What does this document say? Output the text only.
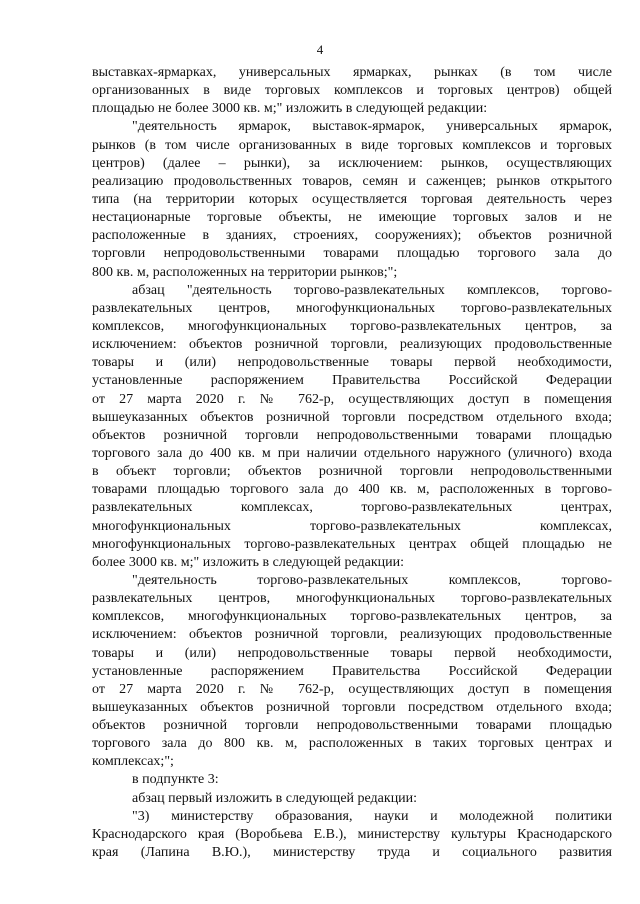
4
выставках-ярмарках, универсальных ярмарках, рынках (в том числе
организованных в виде торговых комплексов и торговых центров) общей
площадью не более 3000 кв. м;" изложить в следующей редакции:
"деятельность ярмарок, выставок-ярмарок, универсальных ярмарок,
рынков (в том числе организованных в виде торговых комплексов и торговых
центров) (далее – рынки), за исключением: рынков, осуществляющих
реализацию продовольственных товаров, семян и саженцев; рынков открытого
типа (на территории которых осуществляется торговая деятельность через
нестационарные торговые объекты, не имеющие торговых залов и не
расположенные в зданиях, строениях, сооружениях); объектов розничной
торговли непродовольственными товарами площадью торгового зала до
800 кв. м, расположенных на территории рынков;";
абзац "деятельность торгово-развлекательных комплексов, торгово-
развлекательных центров, многофункциональных торгово-развлекательных
комплексов, многофункциональных торгово-развлекательных центров, за
исключением: объектов розничной торговли, реализующих продовольственные
товары и (или) непродовольственные товары первой необходимости,
установленные распоряжением Правительства Российской Федерации
от 27 марта 2020 г. № 762-р, осуществляющих доступ в помещения
вышеуказанных объектов розничной торговли посредством отдельного входа;
объектов розничной торговли непродовольственными товарами площадью
торгового зала до 400 кв. м при наличии отдельного наружного (уличного) входа
в объект торговли; объектов розничной торговли непродовольственными
товарами площадью торгового зала до 400 кв. м, расположенных в торгово-
развлекательных комплексах, торгово-развлекательных центрах,
многофункциональных торгово-развлекательных комплексах,
многофункциональных торгово-развлекательных центрах общей площадью не
более 3000 кв. м;" изложить в следующей редакции:
"деятельность торгово-развлекательных комплексов, торгово-
развлекательных центров, многофункциональных торгово-развлекательных
комплексов, многофункциональных торгово-развлекательных центров, за
исключением: объектов розничной торговли, реализующих продовольственные
товары и (или) непродовольственные товары первой необходимости,
установленные распоряжением Правительства Российской Федерации
от 27 марта 2020 г. № 762-р, осуществляющих доступ в помещения
вышеуказанных объектов розничной торговли посредством отдельного входа;
объектов розничной торговли непродовольственными товарами площадью
торгового зала до 800 кв. м, расположенных в таких торговых центрах и
комплексах;";
в подпункте 3:
абзац первый изложить в следующей редакции:
"3) министерству образования, науки и молодежной политики
Краснодарского края (Воробьева Е.В.), министерству культуры Краснодарского
края (Лапина В.Ю.), министерству труда и социального развития
